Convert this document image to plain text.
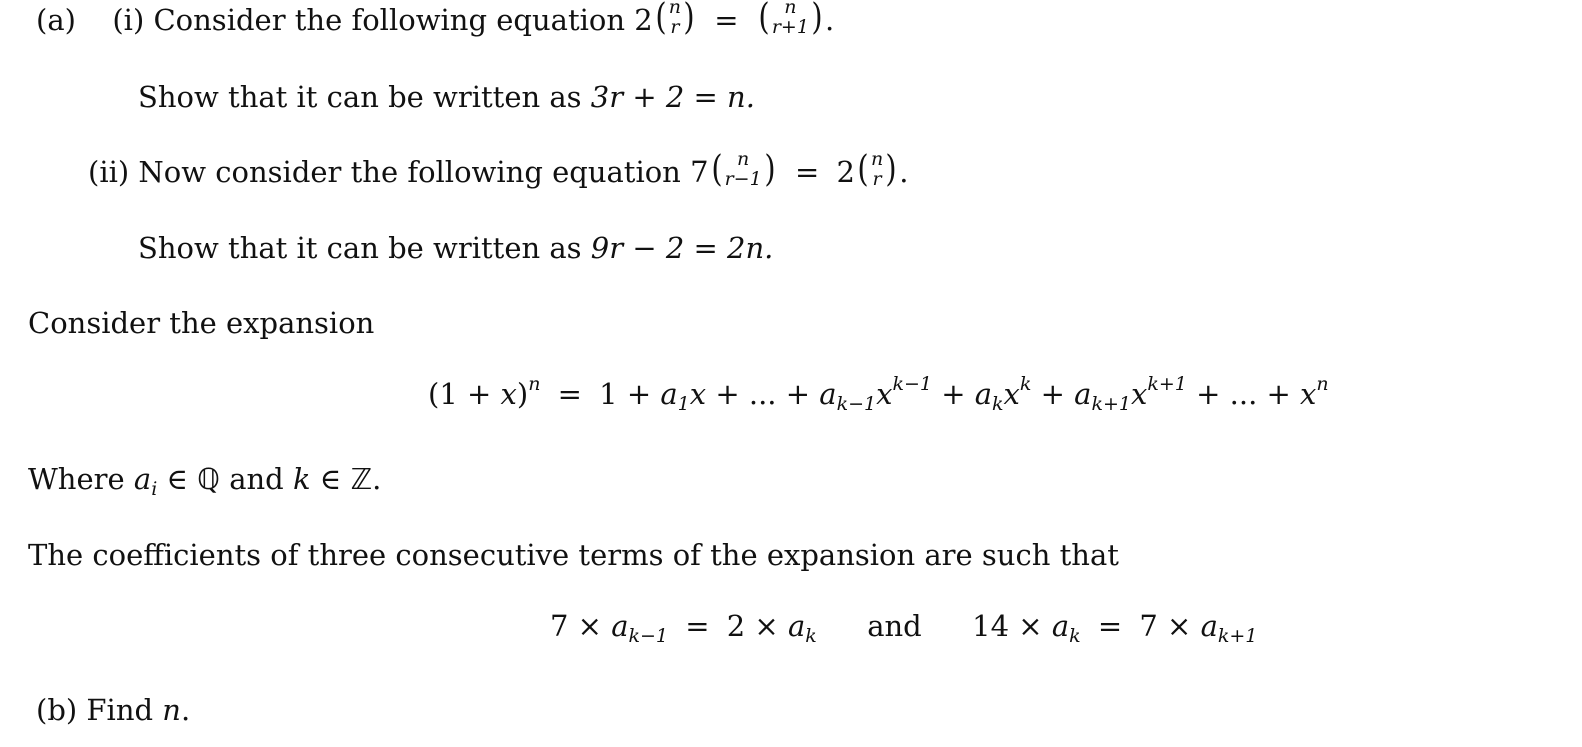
(a) (i) Consider the following equation 2 ( n
r ) = ( n
r+1 ) .
Show that it can be written as 3r + 2 = n.
(ii) Now consider the following equation 7 ( n
r−1 ) = 2 ( n
r ) .
Show that it can be written as 9r − 2 = 2n.
Consider the expansion
$(1 + x)^n = 1 + a_1x$ + ... + $a_{k-1}x^{k-1} + a_kx^k + a_{k+1}x^{k+1}$ + ... + $x^n$
Where $a_i$ ∈ ℚ and k ∈ ℤ.
The coefficients of three consecutive terms of the expansion are such that
$7 \times a_{k-1} = 2 \times a_k$ and  $14 \times a_k = 7 \times a_{k+1}$
(b) Find n.
